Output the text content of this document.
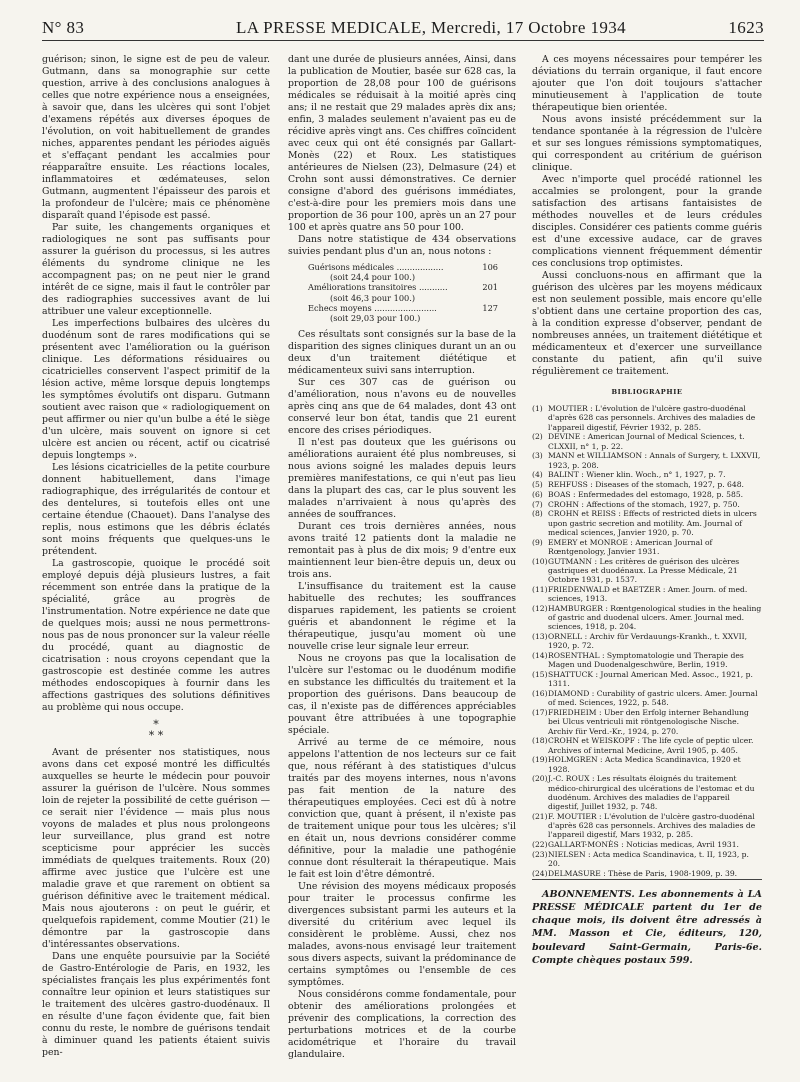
N° 83	LA PRESSE MEDICALE, Mercredi, 17 Octobre 1934	1623

guérison; sinon, le signe est de peu de valeur. Gutmann, dans sa monographie sur cette question, arrive à des conclusions analogues à celles que notre expérience nous a enseignées, à savoir que, dans les ulcères qui sont l'objet d'examens répétés aux diverses époques de l'évolution, on voit habituellement de grandes niches, apparentes pendant les périodes aiguës et s'effaçant pendant les accalmies pour réapparaître ensuite. Les réactions locales, inflammatoires et œdémateuses, selon Gutmann, augmentent l'épaisseur des parois et la profondeur de l'ulcère; mais ce phénomène disparaît quand l'épisode est passé.

Par suite, les changements organiques et radiologiques ne sont pas suffisants pour assurer la guérison du processus, si les autres éléments du syndrome clinique ne les accompagnent pas; on ne peut nier le grand intérêt de ce signe, mais il faut le contrôler par des radiographies successives avant de lui attribuer une valeur exceptionnelle.

Les imperfections bulbaires des ulcères du duodénum sont de rares modifications qui se présentent avec l'amélioration ou la guérison clinique. Les déformations résiduaires ou cicatricielles conservent l'aspect primitif de la lésion active, même lorsque depuis longtemps les symptômes évolutifs ont disparu. Gutmann soutient avec raison que « radiologiquement on peut affirmer ou nier qu'un bulbe a été le siège d'un ulcère, mais souvent on ignore si cet ulcère est ancien ou récent, actif ou cicatrisé depuis longtemps ».

Les lésions cicatricielles de la petite courbure donnent habituellement, dans l'image radiographique, des irrégularités de contour et des dentelures, si toutefois elles ont une certaine étendue (Chaouet). Dans l'analyse des replis, nous estimons que les débris éclatés sont moins fréquents que quelques-uns le prétendent.

La gastroscopie, quoique le procédé soit employé depuis déjà plusieurs lustres, a fait récemment son entrée dans la pratique de la spécialité, grâce au progrès de l'instrumentation. Notre expérience ne date que de quelques mois; aussi ne nous permettrons-nous pas de nous prononcer sur la valeur réelle du procédé, quant au diagnostic de cicatrisation : nous croyons cependant que la gastroscopie est destinée comme les autres méthodes endoscopiques à fournir dans les affections gastriques des solutions définitives au problème qui nous occupe.

*
* *

Avant de présenter nos statistiques, nous avons dans cet exposé montré les difficultés auxquelles se heurte le médecin pour pouvoir assurer la guérison de l'ulcère. Nous sommes loin de rejeter la possibilité de cette guérison — ce serait nier l'évidence — mais plus nous voyons de malades et plus nous prolongeons leur surveillance, plus grand est notre scepticisme pour apprécier les succès immédiats de quelques traitements. Roux (20) affirme avec justice que l'ulcère est une maladie grave et que rarement on obtient sa guérison définitive avec le traitement médical. Mais nous ajouterons : on peut le guérir, et quelquefois rapidement, comme Moutier (21) le démontre par la gastroscopie dans d'intéressantes observations.

Dans une enquête poursuivie par la Société de Gastro-Entérologie de Paris, en 1932, les spécialistes français les plus expérimentés font connaître leur opinion et leurs statistiques sur le traitement des ulcères gastro-duodénaux. Il en résulte d'une façon évidente que, fait bien connu du reste, le nombre de guérisons tendait à diminuer quand les patients étaient suivis pen-

dant une durée de plusieurs années, Ainsi, dans la publication de Moutier, basée sur 628 cas, la proportion de 28,08 pour 100 de guérisons médicales se réduisait à la moitié après cinq ans; il ne restait que 29 malades après dix ans; enfin, 3 malades seulement n'avaient pas eu de récidive après vingt ans. Ces chiffres coïncident avec ceux qui ont été consignés par Gallart-Monès (22) et Roux. Les statistiques antérieures de Nielsen (23), Delmasure (24) et Crohn sont aussi démonstratives. Ce dernier consigne d'abord des guérisons immédiates, c'est-à-dire pour les premiers mois dans une proportion de 36 pour 100, après un an 27 pour 100 et après quatre ans 50 pour 100.

Dans notre statistique de 434 observations suivies pendant plus d'un an, nous notons :

Guérisons médicales ..................	106
(soit 24,4 pour 100.)
Améliorations transitoires ...........	201
(soit 46,3 pour 100.)
Echecs moyens ........................	127
(soit 29,03 pour 100.)

Ces résultats sont consignés sur la base de la disparition des signes cliniques durant un an ou deux d'un traitement diététique et médicamenteux suivi sans interruption.

Sur ces 307 cas de guérison ou d'amélioration, nous n'avons eu de nouvelles après cinq ans que de 64 malades, dont 43 ont conservé leur bon état, tandis que 21 eurent encore des crises périodiques.

Il n'est pas douteux que les guérisons ou améliorations auraient été plus nombreuses, si nous avions soigné les malades depuis leurs premières manifestations, ce qui n'eut pas lieu dans la plupart des cas, car le plus souvent les malades n'arrivaient à nous qu'après des années de souffrances.

Durant ces trois dernières années, nous avons traité 12 patients dont la maladie ne remontait pas à plus de dix mois; 9 d'entre eux maintiennent leur bien-être depuis un, deux ou trois ans.

L'insuffisance du traitement est la cause habituelle des rechutes; les souffrances disparues rapidement, les patients se croient guéris et abandonnent le régime et la thérapeutique, jusqu'au moment où une nouvelle crise leur signale leur erreur.

Nous ne croyons pas que la localisation de l'ulcère sur l'estomac ou le duodénum modifie en substance les difficultés du traitement et la proportion des guérisons. Dans beaucoup de cas, il n'existe pas de différences appréciables pouvant être attribuées à une topographie spéciale.

Arrivé au terme de ce mémoire, nous appelons l'attention de nos lecteurs sur ce fait que, nous référant à des statistiques d'ulcus traités par des moyens internes, nous n'avons pas fait mention de la nature des thérapeutiques employées. Ceci est dû à notre conviction que, quant à présent, il n'existe pas de traitement unique pour tous les ulcères; s'il en était un, nous devrions considérer comme définitive, pour la maladie une pathogénie connue dont résulterait la thérapeutique. Mais le fait est loin d'être démontré.

Une révision des moyens médicaux proposés pour traiter le processus confirme les divergences subsistant parmi les auteurs et la diversité du critérium avec lequel ils considèrent le problème. Aussi, chez nos malades, avons-nous envisagé leur traitement sous divers aspects, suivant la prédominance de certains symptômes ou l'ensemble de ces symptômes.

Nous considérons comme fondamentale, pour obtenir des améliorations prolongées et prévenir des complications, la correction des perturbations motrices et de la courbe acidométrique et l'horaire du travail glandulaire.

A ces moyens nécessaires pour tempérer les déviations du terrain organique, il faut encore ajouter que l'on doit toujours s'attacher minutieusement à l'application de toute thérapeutique bien orientée.

Nous avons insisté précédemment sur la tendance spontanée à la régression de l'ulcère et sur ses longues rémissions symptomatiques, qui correspondent au critérium de guérison clinique.

Avec n'importe quel procédé rationnel les accalmies se prolongent, pour la grande satisfaction des artisans fantaisistes de méthodes nouvelles et de leurs crédules disciples. Considérer ces patients comme guéris est d'une excessive audace, car de graves complications viennent fréquemment démentir ces conclusions trop optimistes.

Aussi concluons-nous en affirmant que la guérison des ulcères par les moyens médicaux est non seulement possible, mais encore qu'elle s'obtient dans une certaine proportion des cas, à la condition expresse d'observer, pendant de nombreuses années, un traitement diététique et médicamenteux et d'exercer une surveillance constante du patient, afin qu'il suive régulièrement ce traitement.

BIBLIOGRAPHIE
(1) MOUTIER : L'évolution de l'ulcère gastro-duodénal d'après 628 cas personnels. Archives des maladies de l'appareil digestif, Février 1932, p. 285.
(2) DEVINE : American Journal of Medical Sciences, t. CLXXII, n° 1, p. 22.
(3) MANN et WILLIAMSON : Annals of Surgery, t. LXXVII, 1923, p. 208.
(4) BALINT : Wiener klin. Woch., n° 1, 1927, p. 7.
(5) REHFUSS : Diseases of the stomach, 1927, p. 648.
(6) BOAS : Enfermedades del estomago, 1928, p. 585.
(7) CROHN : Affections of the stomach, 1927, p. 750.
(8) CROHN et REISS : Effects of restricted diets in ulcers upon gastric secretion and motility. Am. Journal of medical sciences, Janvier 1920, p. 70.
(9) EMERY et MONROE : American Journal of Rœntgenology, Janvier 1931.
(10) GUTMANN : Les critères de guérison des ulcères gastriques et duodénaux. La Presse Médicale, 21 Octobre 1931, p. 1537.
(11) FRIEDENWALD et BAETZER : Amer. Journ. of med. sciences, 1913.
(12) HAMBURGER : Rœntgenological studies in the healing of gastric and duodenal ulcers. Amer. Journal med. sciences, 1918, p. 204.
(13) ORNELL : Archiv für Verdauungs-Krankh., t. XXVII, 1920, p. 72.
(14) ROSENTHAL : Symptomatologie und Therapie des Magen und Duodenalgeschwüre, Berlin, 1919.
(15) SHATTUCK : Journal American Med. Assoc., 1921, p. 1311.
(16) DIAMOND : Curability of gastric ulcers. Amer. Journal of med. Sciences, 1922, p. 548.
(17) FRIEDHEIM : Uber den Erfolg interner Behandlung bei Ulcus ventriculi mit röntgenologische Nische. Archiv für Verd.-Kr., 1924, p. 270.
(18) CROHN et WEISKOPF : The life cycle of peptic ulcer. Archives of internal Medicine, Avril 1905, p. 405.
(19) HOLMGREN : Acta Medica Scandinavica, 1920 et 1928.
(20) J.-C. ROUX : Les résultats éloignés du traitement médico-chirurgical des ulcérations de l'estomac et du duodénum. Archives des maladies de l'appareil digestif, Juillet 1932, p. 748.
(21) F. MOUTIER : L'évolution de l'ulcère gastro-duodénal d'après 628 cas personnels. Archives des maladies de l'appareil digestif, Mars 1932, p. 285.
(22) GALLART-MONÈS : Noticias medicas, Avril 1931.
(23) NIELSEN : Acta medica Scandinavica, t. II, 1923, p. 20.
(24) DELMASURE : Thèse de Paris, 1908-1909, p. 39.

ABONNEMENTS. Les abonnements à LA PRESSE MÉDICALE partent du 1er de chaque mois, ils doivent être adressés à MM. Masson et Cie, éditeurs, 120, boulevard Saint-Germain, Paris-6e. Compte chèques postaux 599.
